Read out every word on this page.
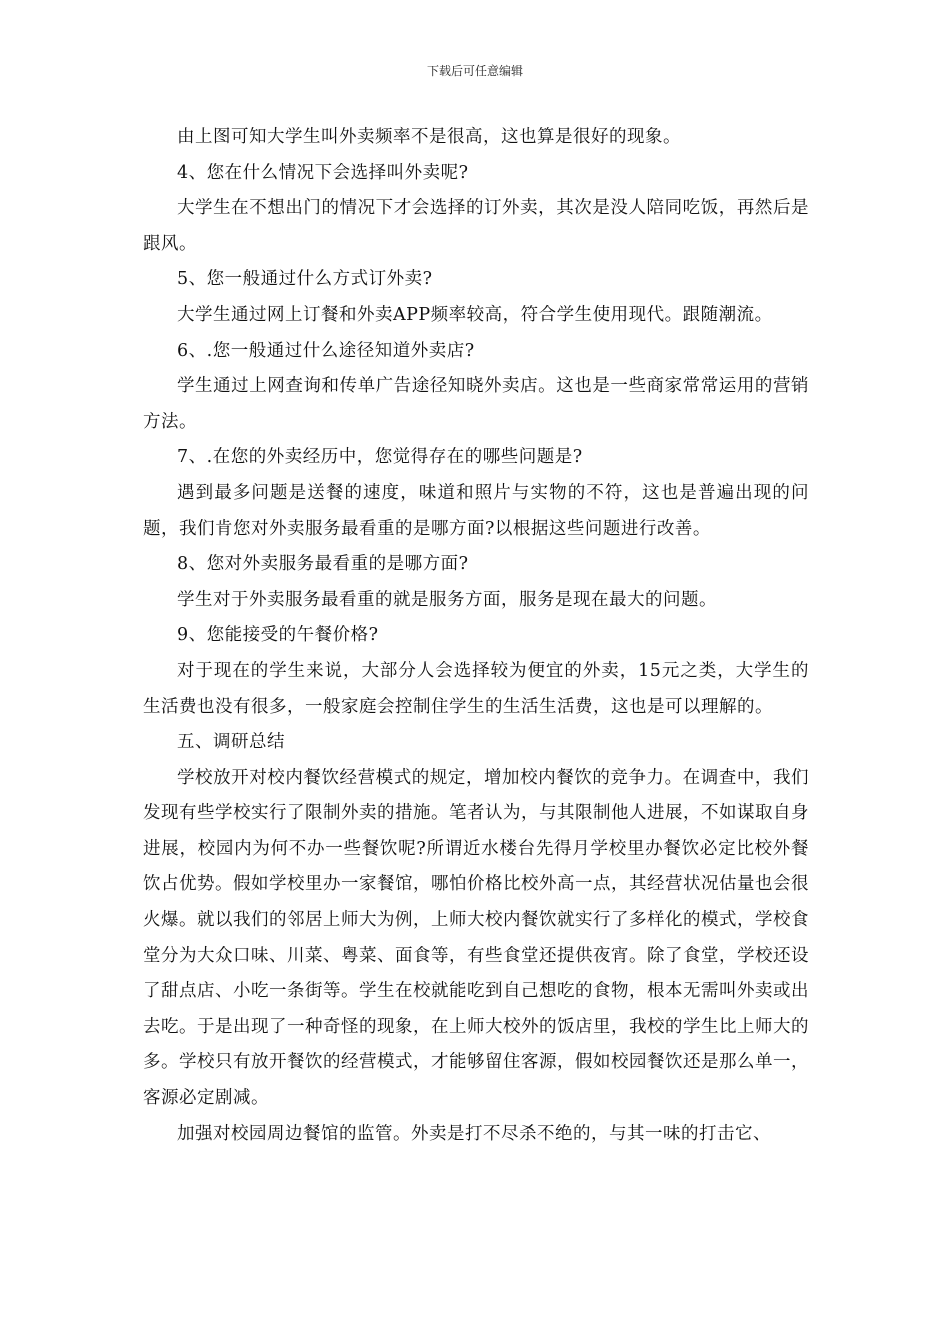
下载后可任意编辑

由上图可知大学生叫外卖频率不是很高，这也算是很好的现象。

4、您在什么情况下会选择叫外卖呢?

大学生在不想出门的情况下才会选择的订外卖，其次是没人陪同吃饭，再然后是跟风。

5、您一般通过什么方式订外卖?

大学生通过网上订餐和外卖APP频率较高，符合学生使用现代。跟随潮流。

6、.您一般通过什么途径知道外卖店?

学生通过上网查询和传单广告途径知晓外卖店。这也是一些商家常常运用的营销方法。

7、.在您的外卖经历中，您觉得存在的哪些问题是?

遇到最多问题是送餐的速度，味道和照片与实物的不符，这也是普遍出现的问题，我们肯您对外卖服务最看重的是哪方面?以根据这些问题进行改善。

8、您对外卖服务最看重的是哪方面?

学生对于外卖服务最看重的就是服务方面，服务是现在最大的问题。

9、您能接受的午餐价格?

对于现在的学生来说，大部分人会选择较为便宜的外卖，15元之类，大学生的生活费也没有很多，一般家庭会控制住学生的生活生活费，这也是可以理解的。

五、调研总结

学校放开对校内餐饮经营模式的规定，增加校内餐饮的竞争力。在调查中，我们发现有些学校实行了限制外卖的措施。笔者认为，与其限制他人进展，不如谋取自身进展，校园内为何不办一些餐饮呢?所谓近水楼台先得月学校里办餐饮必定比校外餐饮占优势。假如学校里办一家餐馆，哪怕价格比校外高一点，其经营状况估量也会很火爆。就以我们的邻居上师大为例，上师大校内餐饮就实行了多样化的模式，学校食堂分为大众口味、川菜、粤菜、面食等，有些食堂还提供夜宵。除了食堂，学校还设了甜点店、小吃一条街等。学生在校就能吃到自己想吃的食物，根本无需叫外卖或出去吃。于是出现了一种奇怪的现象，在上师大校外的饭店里，我校的学生比上师大的多。学校只有放开餐饮的经营模式，才能够留住客源，假如校园餐饮还是那么单一，客源必定剧减。

加强对校园周边餐馆的监管。外卖是打不尽杀不绝的，与其一味的打击它、
